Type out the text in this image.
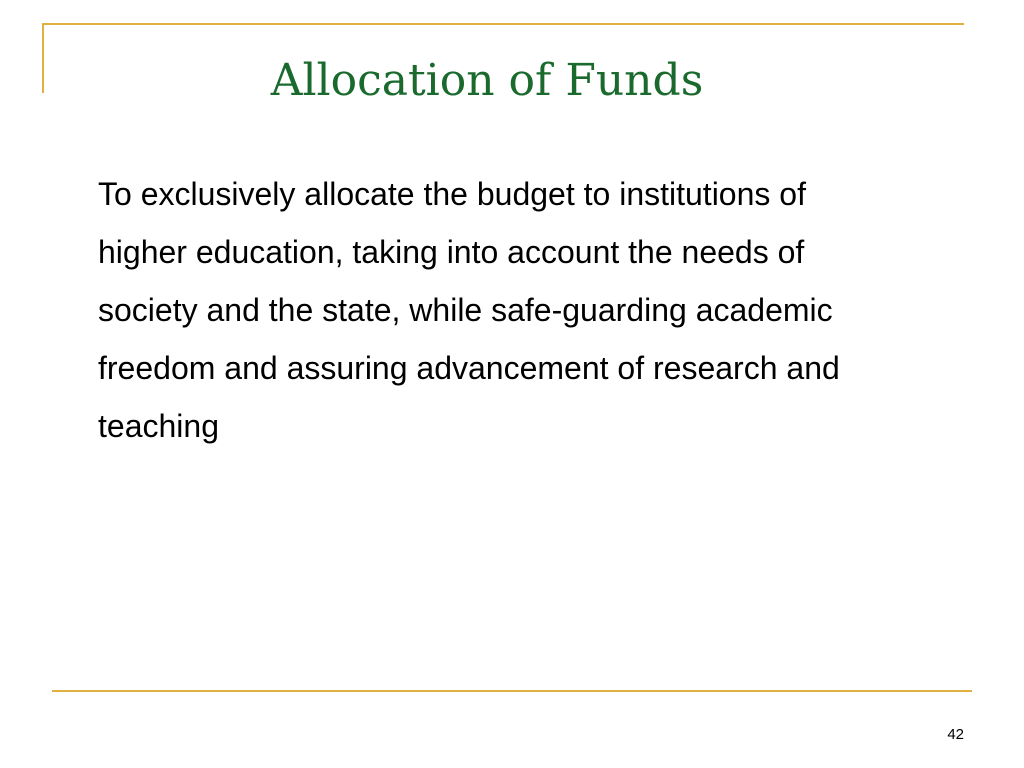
Allocation of Funds

To exclusively allocate the budget to institutions of higher education, taking into account the needs of society and the state, while safe-guarding academic freedom and assuring advancement of research and teaching

42
